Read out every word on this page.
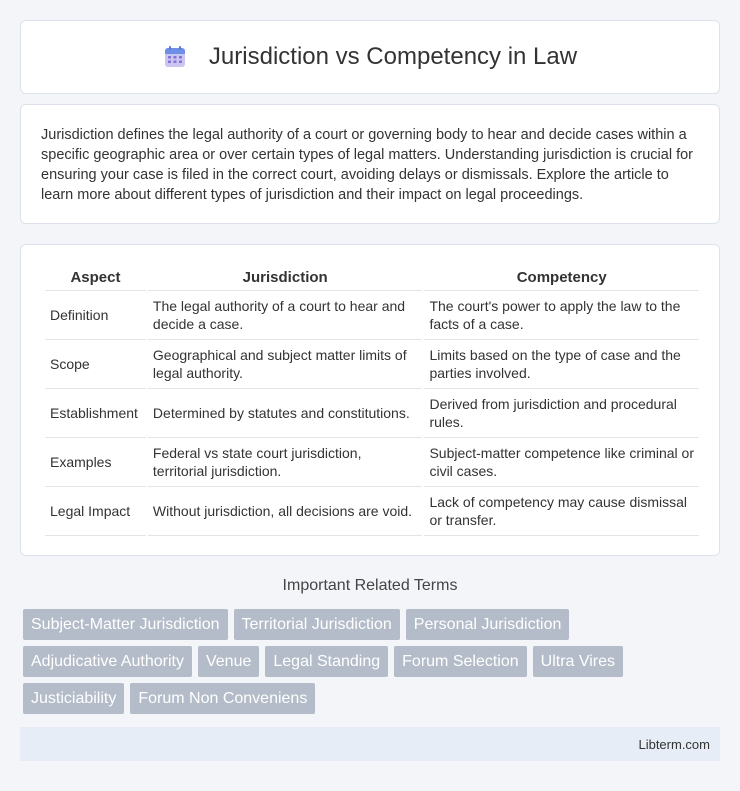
Jurisdiction vs Competency in Law

Jurisdiction defines the legal authority of a court or governing body to hear and decide cases within a specific geographic area or over certain types of legal matters. Understanding jurisdiction is crucial for ensuring your case is filed in the correct court, avoiding delays or dismissals. Explore the article to learn more about different types of jurisdiction and their impact on legal proceedings.

Aspect	Jurisdiction	Competency
Definition	The legal authority of a court to hear and decide a case.	The court's power to apply the law to the facts of a case.
Scope	Geographical and subject matter limits of legal authority.	Limits based on the type of case and the parties involved.
Establishment	Determined by statutes and constitutions.	Derived from jurisdiction and procedural rules.
Examples	Federal vs state court jurisdiction, territorial jurisdiction.	Subject-matter competence like criminal or civil cases.
Legal Impact	Without jurisdiction, all decisions are void.	Lack of competency may cause dismissal or transfer.
Important Related Terms
Subject-Matter Jurisdiction	Territorial Jurisdiction	Personal Jurisdiction
Adjudicative Authority	Venue	Legal Standing	Forum Selection	Ultra Vires
Justiciability	Forum Non Conveniens
Libterm.com
